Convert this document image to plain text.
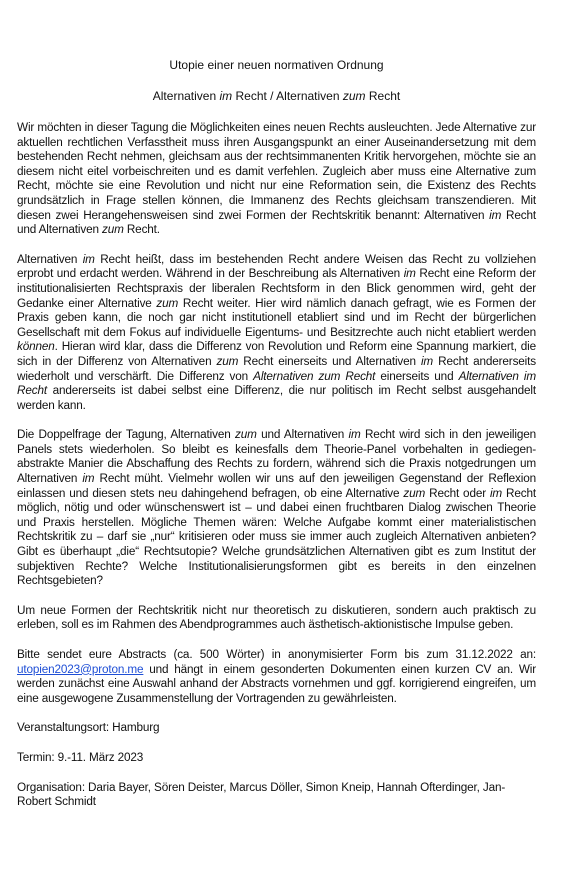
Utopie einer neuen normativen Ordnung
Alternativen im Recht / Alternativen zum Recht

Wir möchten in dieser Tagung die Möglichkeiten eines neuen Rechts ausleuchten. Jede Alternative zur aktuellen rechtlichen Verfasstheit muss ihren Ausgangspunkt an einer Auseinandersetzung mit dem bestehenden Recht nehmen, gleichsam aus der rechtsimmanenten Kritik hervorgehen, möchte sie an diesem nicht eitel vorbeischreiten und es damit verfehlen. Zugleich aber muss eine Alternative zum Recht, möchte sie eine Revolution und nicht nur eine Reformation sein, die Existenz des Rechts grundsätzlich in Frage stellen können, die Immanenz des Rechts gleichsam transzendieren. Mit diesen zwei Herangehensweisen sind zwei Formen der Rechtskritik benannt: Alternativen im Recht und Alternativen zum Recht.

Alternativen im Recht heißt, dass im bestehenden Recht andere Weisen das Recht zu vollziehen erprobt und erdacht werden. Während in der Beschreibung als Alternativen im Recht eine Reform der institutionalisierten Rechtspraxis der liberalen Rechtsform in den Blick genommen wird, geht der Gedanke einer Alternative zum Recht weiter. Hier wird nämlich danach gefragt, wie es Formen der Praxis geben kann, die noch gar nicht institutionell etabliert sind und im Recht der bürgerlichen Gesellschaft mit dem Fokus auf individuelle Eigentums- und Besitzrechte auch nicht etabliert werden können. Hieran wird klar, dass die Differenz von Revolution und Reform eine Spannung markiert, die sich in der Differenz von Alternativen zum Recht einerseits und Alternativen im Recht andererseits wiederholt und verschärft. Die Differenz von Alternativen zum Recht einerseits und Alternativen im Recht andererseits ist dabei selbst eine Differenz, die nur politisch im Recht selbst ausgehandelt werden kann.

Die Doppelfrage der Tagung, Alternativen zum und Alternativen im Recht wird sich in den jeweiligen Panels stets wiederholen. So bleibt es keinesfalls dem Theorie-Panel vorbehalten in gediegen-abstrakte Manier die Abschaffung des Rechts zu fordern, während sich die Praxis notgedrungen um Alternativen im Recht müht. Vielmehr wollen wir uns auf den jeweiligen Gegenstand der Reflexion einlassen und diesen stets neu dahingehend befragen, ob eine Alternative zum Recht oder im Recht möglich, nötig und oder wünschenswert ist – und dabei einen fruchtbaren Dialog zwischen Theorie und Praxis herstellen. Mögliche Themen wären: Welche Aufgabe kommt einer materialistischen Rechtskritik zu – darf sie „nur“ kritisieren oder muss sie immer auch zugleich Alternativen anbieten? Gibt es überhaupt „die“ Rechtsutopie? Welche grundsätzlichen Alternativen gibt es zum Institut der subjektiven Rechte? Welche Institutionalisierungsformen gibt es bereits in den einzelnen Rechtsgebieten?

Um neue Formen der Rechtskritik nicht nur theoretisch zu diskutieren, sondern auch praktisch zu erleben, soll es im Rahmen des Abendprogrammes auch ästhetisch-aktionistische Impulse geben.

Bitte sendet eure Abstracts (ca. 500 Wörter) in anonymisierter Form bis zum 31.12.2022 an: utopien2023@proton.me und hängt in einem gesonderten Dokumenten einen kurzen CV an. Wir werden zunächst eine Auswahl anhand der Abstracts vornehmen und ggf. korrigierend eingreifen, um eine ausgewogene Zusammenstellung der Vortragenden zu gewährleisten.

Veranstaltungsort: Hamburg

Termin: 9.-11. März 2023

Organisation: Daria Bayer, Sören Deister, Marcus Döller, Simon Kneip, Hannah Ofterdinger, Jan-Robert Schmidt
